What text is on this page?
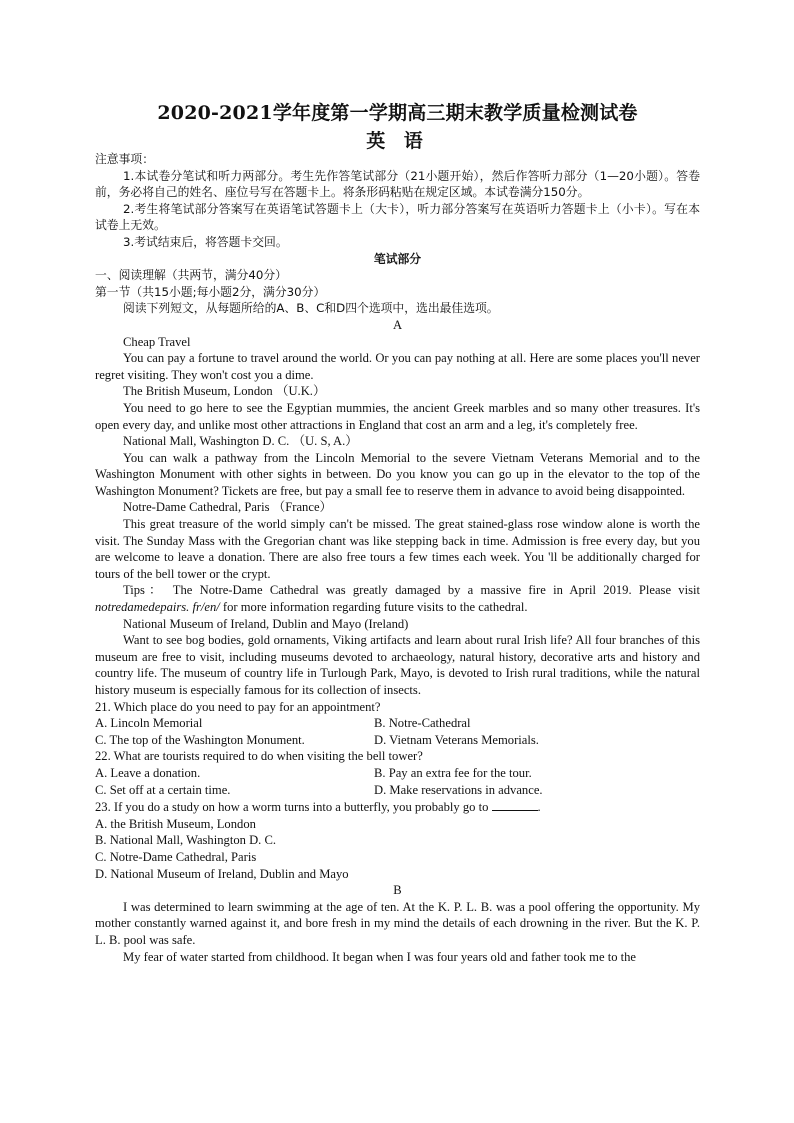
2020-2021学年度第一学期高三期末教学质量检测试卷
英 语

注意事项：

1.本试卷分笔试和听力两部分。考生先作答笔试部分（21小题开始），然后作答听力部分（1—20小题）。答卷前，务必将自己的姓名、座位号写在答题卡上。将条形码粘贴在规定区域。本试卷满分150分。

2.考生将笔试部分答案写在英语笔试答题卡上（大卡），听力部分答案写在英语听力答题卡上（小卡）。写在本试卷上无效。

3.考试结束后，将答题卡交回。

笔试部分

一、阅读理解（共两节，满分40分）

第一节（共15小题;每小题2分，满分30分）

阅读下列短文，从每题所给的A、B、C和D四个选项中，选出最佳选项。

A

Cheap Travel

You can pay a fortune to travel around the world. Or you can pay nothing at all. Here are some places you'll never regret visiting. They won't cost you a dime.

The British Museum, London （U.K.）

You need to go here to see the Egyptian mummies, the ancient Greek marbles and so many other treasures. It's open every day, and unlike most other attractions in England that cost an arm and a leg, it's completely free.

National Mall, Washington D. C. （U. S, A.）

You can walk a pathway from the Lincoln Memorial to the severe Vietnam Veterans Memorial and to the Washington Monument with other sights in between. Do you know you can go up in the elevator to the top of the Washington Monument? Tickets are free, but pay a small fee to reserve them in advance to avoid being disappointed.

Notre-Dame Cathedral, Paris （France）

This great treasure of the world simply can't be missed. The great stained-glass rose window alone is worth the visit. The Sunday Mass with the Gregorian chant was like stepping back in time. Admission is free every day, but you are welcome to leave a donation. There are also free tours a few times each week. You 'll be additionally charged for tours of the bell tower or the crypt.

Tips： The Notre-Dame Cathedral was greatly damaged by a massive fire in April 2019. Please visit notredamedepairs. fr/en/ for more information regarding future visits to the cathedral.

National Museum of Ireland, Dublin and Mayo (Ireland)

Want to see bog bodies, gold ornaments, Viking artifacts and learn about rural Irish life? All four branches of this museum are free to visit, including museums devoted to archaeology, natural history, decorative arts and history and country life. The museum of country life in Turlough Park, Mayo, is devoted to Irish rural traditions, while the natural history museum is especially famous for its collection of insects.

21. Which place do you need to pay for an appointment?

A. Lincoln Memorial	B. Notre-Cathedral
C. The top of the Washington Monument.	D. Vietnam Veterans Memorials.

22. What are tourists required to do when visiting the bell tower?

A. Leave a donation.	B. Pay an extra fee for the tour.
C. Set off at a certain time.	D. Make reservations in advance.

23. If you do a study on how a worm turns into a butterfly, you probably go to	.

A. the British Museum, London

B. National Mall, Washington D. C.

C. Notre-Dame Cathedral, Paris

D. National Museum of Ireland, Dublin and Mayo

B

I was determined to learn swimming at the age of ten. At the K. P. L. B. was a pool offering the opportunity. My mother constantly warned against it, and bore fresh in my mind the details of each drowning in the river. But the K. P. L. B. pool was safe.

My fear of water started from childhood. It began when I was four years old and father took me to the
